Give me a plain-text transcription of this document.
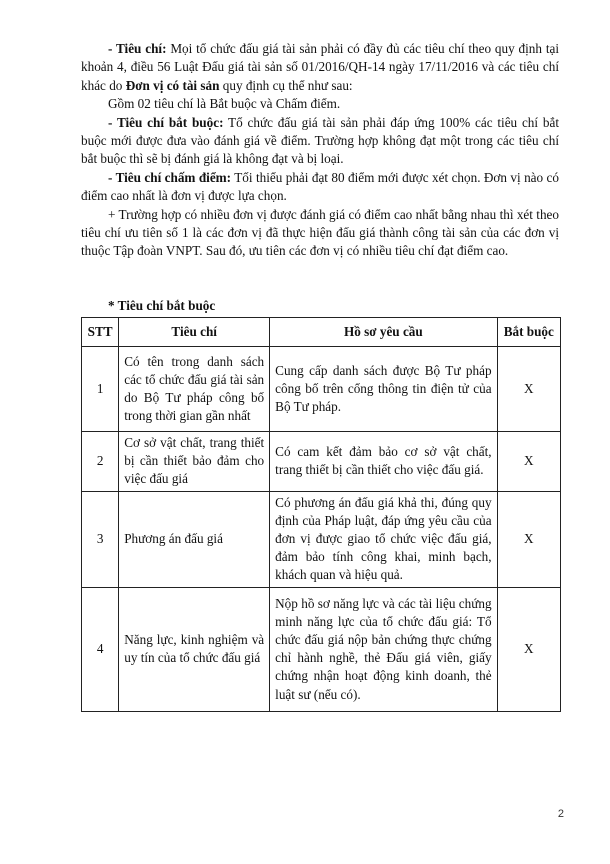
- Tiêu chí: Mọi tổ chức đấu giá tài sản phải có đầy đủ các tiêu chí theo quy định tại khoản 4, điều 56 Luật Đấu giá tài sản số 01/2016/QH-14 ngày 17/11/2016 và các tiêu chí khác do Đơn vị có tài sản quy định cụ thể như sau:

Gồm 02 tiêu chí là Bắt buộc và Chấm điểm.

- Tiêu chí bắt buộc: Tổ chức đấu giá tài sản phải đáp ứng 100% các tiêu chí bắt buộc mới được đưa vào đánh giá về điểm. Trường hợp không đạt một trong các tiêu chí bắt buộc thì sẽ bị đánh giá là không đạt và bị loại.

- Tiêu chí chấm điểm: Tối thiểu phải đạt 80 điểm mới được xét chọn. Đơn vị nào có điểm cao nhất là đơn vị được lựa chọn.

+ Trường hợp có nhiều đơn vị được đánh giá có điểm cao nhất bằng nhau thì xét theo tiêu chí ưu tiên số 1 là các đơn vị đã thực hiện đấu giá thành công tài sản của các đơn vị thuộc Tập đoàn VNPT. Sau đó, ưu tiên các đơn vị có nhiều tiêu chí đạt điểm cao.

* Tiêu chí bắt buộc
STT	Tiêu chí	Hồ sơ yêu cầu	Bắt buộc
1	Có tên trong danh sách các tổ chức đấu giá tài sản do Bộ Tư pháp công bố trong thời gian gần nhất	Cung cấp danh sách được Bộ Tư pháp công bố trên cổng thông tin điện tử của Bộ Tư pháp.	X
2	Cơ sở vật chất, trang thiết bị cần thiết bảo đảm cho việc đấu giá	Có cam kết đảm bảo cơ sở vật chất, trang thiết bị cần thiết cho việc đấu giá.	X
3	Phương án đấu giá	Có phương án đấu giá khả thi, đúng quy định của Pháp luật, đáp ứng yêu cầu của đơn vị được giao tổ chức việc đấu giá, đảm bảo tính công khai, minh bạch, khách quan và hiệu quả.	X
4	Năng lực, kinh nghiệm và uy tín của tổ chức đấu giá	Nộp hồ sơ năng lực và các tài liệu chứng minh năng lực của tổ chức đấu giá: Tổ chức đấu giá nộp bản chứng thực chứng chỉ hành nghề, thẻ Đấu giá viên, giấy chứng nhận hoạt động kinh doanh, thẻ luật sư (nếu có).	X
2
